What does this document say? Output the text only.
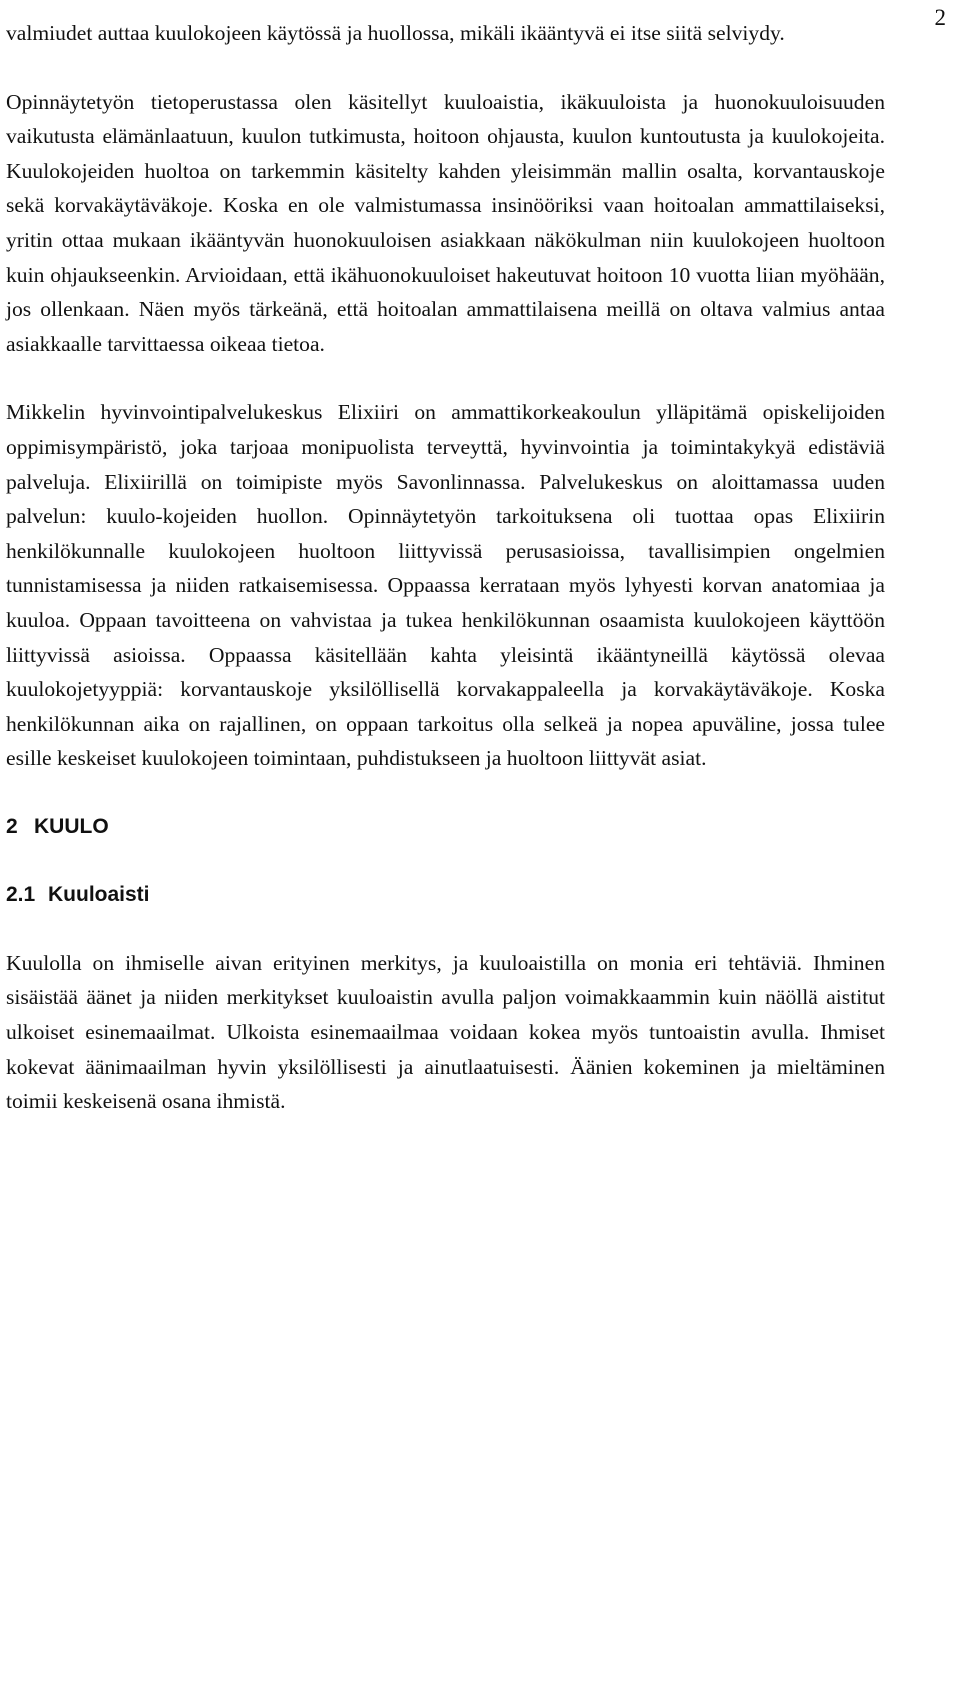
2

valmiudet auttaa kuulokojeen käytössä ja huollossa, mikäli ikääntyvä ei itse siitä selviydy.

Opinnäytetyön tietoperustassa olen käsitellyt kuuloaistia, ikäkuuloista ja huonokuuloisuuden vaikutusta elämänlaatuun, kuulon tutkimusta, hoitoon ohjausta, kuulon kuntoutusta ja kuulokojeita. Kuulokojeiden huoltoa on tarkemmin käsitelty kahden yleisimmän mallin osalta, korvantauskoje sekä korvakäytäväkoje. Koska en ole valmistumassa insinööriksi vaan hoitoalan ammattilaiseksi, yritin ottaa mukaan ikääntyvän huonokuuloisen asiakkaan näkökulman niin kuulokojeen huoltoon kuin ohjaukseenkin. Arvioidaan, että ikähuonokuuloiset hakeutuvat hoitoon 10 vuotta liian myöhään, jos ollenkaan. Näen myös tärkeänä, että hoitoalan ammattilaisena meillä on oltava valmius antaa asiakkaalle tarvittaessa oikeaa tietoa.

Mikkelin hyvinvointipalvelukeskus Elixiiri on ammattikorkeakoulun ylläpitämä opiskelijoiden oppimisympäristö, joka tarjoaa monipuolista terveyttä, hyvinvointia ja toimintakykyä edistäviä palveluja. Elixiirillä on toimipiste myös Savonlinnassa. Palvelukeskus on aloittamassa uuden palvelun: kuulo-kojeiden huollon. Opinnäytetyön tarkoituksena oli tuottaa opas Elixiirin henkilökunnalle kuulokojeen huoltoon liittyvissä perusasioissa, tavallisimpien ongelmien tunnistamisessa ja niiden ratkaisemisessa. Oppaassa kerrataan myös lyhyesti korvan anatomiaa ja kuuloa. Oppaan tavoitteena on vahvistaa ja tukea henkilökunnan osaamista kuulokojeen käyttöön liittyvissä asioissa. Oppaassa käsitellään kahta yleisintä ikääntyneillä käytössä olevaa kuulokojetyyppiä: korvantauskoje yksilöllisellä korvakappaleella ja korvakäytäväkoje. Koska henkilökunnan aika on rajallinen, on oppaan tarkoitus olla selkeä ja nopea apuväline, jossa tulee esille keskeiset kuulokojeen toimintaan, puhdistukseen ja huoltoon liittyvät asiat.

2 KUULO
2.1 Kuuloaisti

Kuulolla on ihmiselle aivan erityinen merkitys, ja kuuloaistilla on monia eri tehtäviä. Ihminen sisäistää äänet ja niiden merkitykset kuuloaistin avulla paljon voimakkaammin kuin näöllä aistitut ulkoiset esinemaailmat. Ulkoista esinemaailmaa voidaan kokea myös tuntoaistin avulla. Ihmiset kokevat äänimaailman hyvin yksilöllisesti ja ainutlaatuisesti. Äänien kokeminen ja mieltäminen toimii keskeisenä osana ihmistä.
